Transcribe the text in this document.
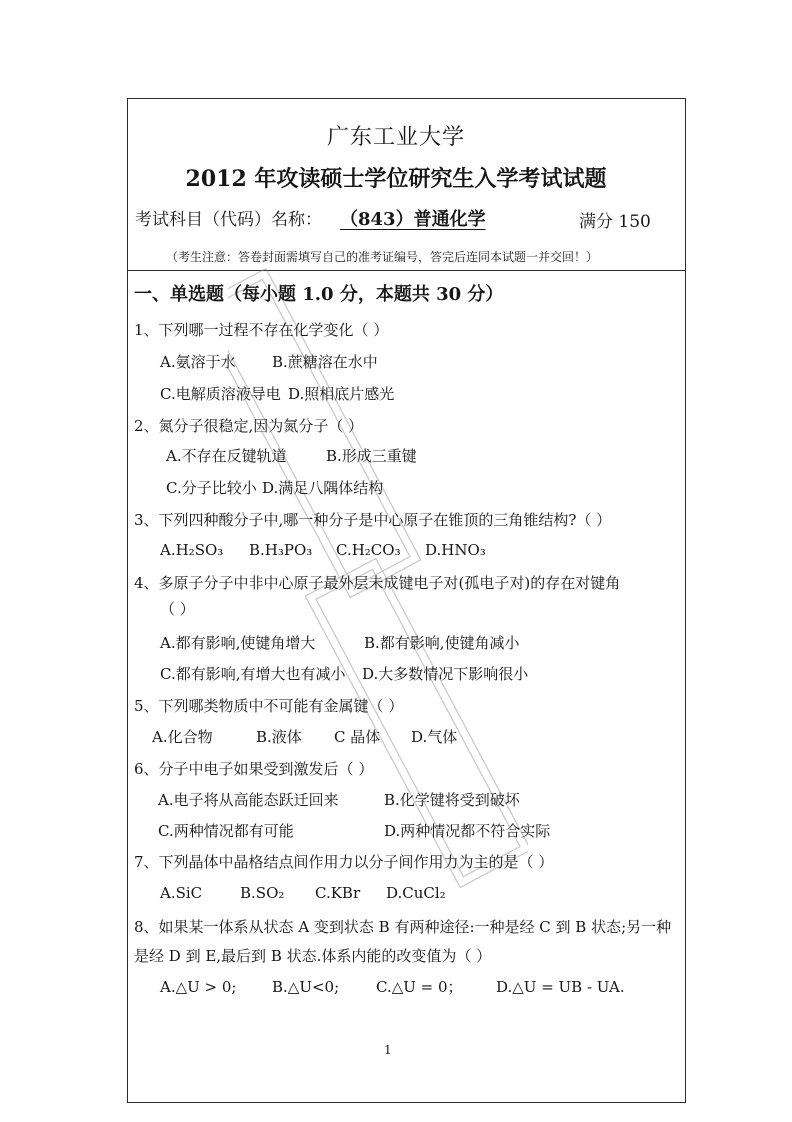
广东工业大学
2012 年攻读硕士学位研究生入学考试试题
考试科目（代码）名称： （843）普通化学	满分 150
（考生注意：答卷封面需填写自己的准考证编号，答完后连同本试题一并交回！）
一、单选题（每小题 1.0 分，本题共 30 分）
1、下列哪一过程不存在化学变化（ ）
A.氨溶于水 B.蔗糖溶在水中
C.电解质溶液导电 D.照相底片感光
2、氮分子很稳定,因为氮分子（ ）
A.不存在反键轨道	B.形成三重键
C.分子比较小 D.满足八隅体结构
3、下列四种酸分子中,哪一种分子是中心原子在锥顶的三角锥结构?（ ）
A.H₂SO₃ B.H₃PO₃ C.H₂CO₃ D.HNO₃
4、多原子分子中非中心原子最外层未成键电子对(孤电子对)的存在对键角
（ ）
A.都有影响,使键角增大	B.都有影响,使键角减小
C.都有影响,有增大也有减小 D.大多数情况下影响很小
5、下列哪类物质中不可能有金属键（ ）
A.化合物	B.液体 C 晶体 D.气体
6、分子中电子如果受到激发后（ ）
A.电子将从高能态跃迁回来	B.化学键将受到破坏
C.两种情况都有可能	D.两种情况都不符合实际
7、下列晶体中晶格结点间作用力以分子间作用力为主的是（ ）
A.SiC	B.SO₂ C.KBr D.CuCl₂
8、如果某一体系从状态 A 变到状态 B 有两种途径:一种是经 C 到 B 状态;另一种
是经 D 到 E,最后到 B 状态.体系内能的改变值为（ ）
A.△U > 0; B.△U<0; C.△U = 0； D.△U = UB - UA.
1
